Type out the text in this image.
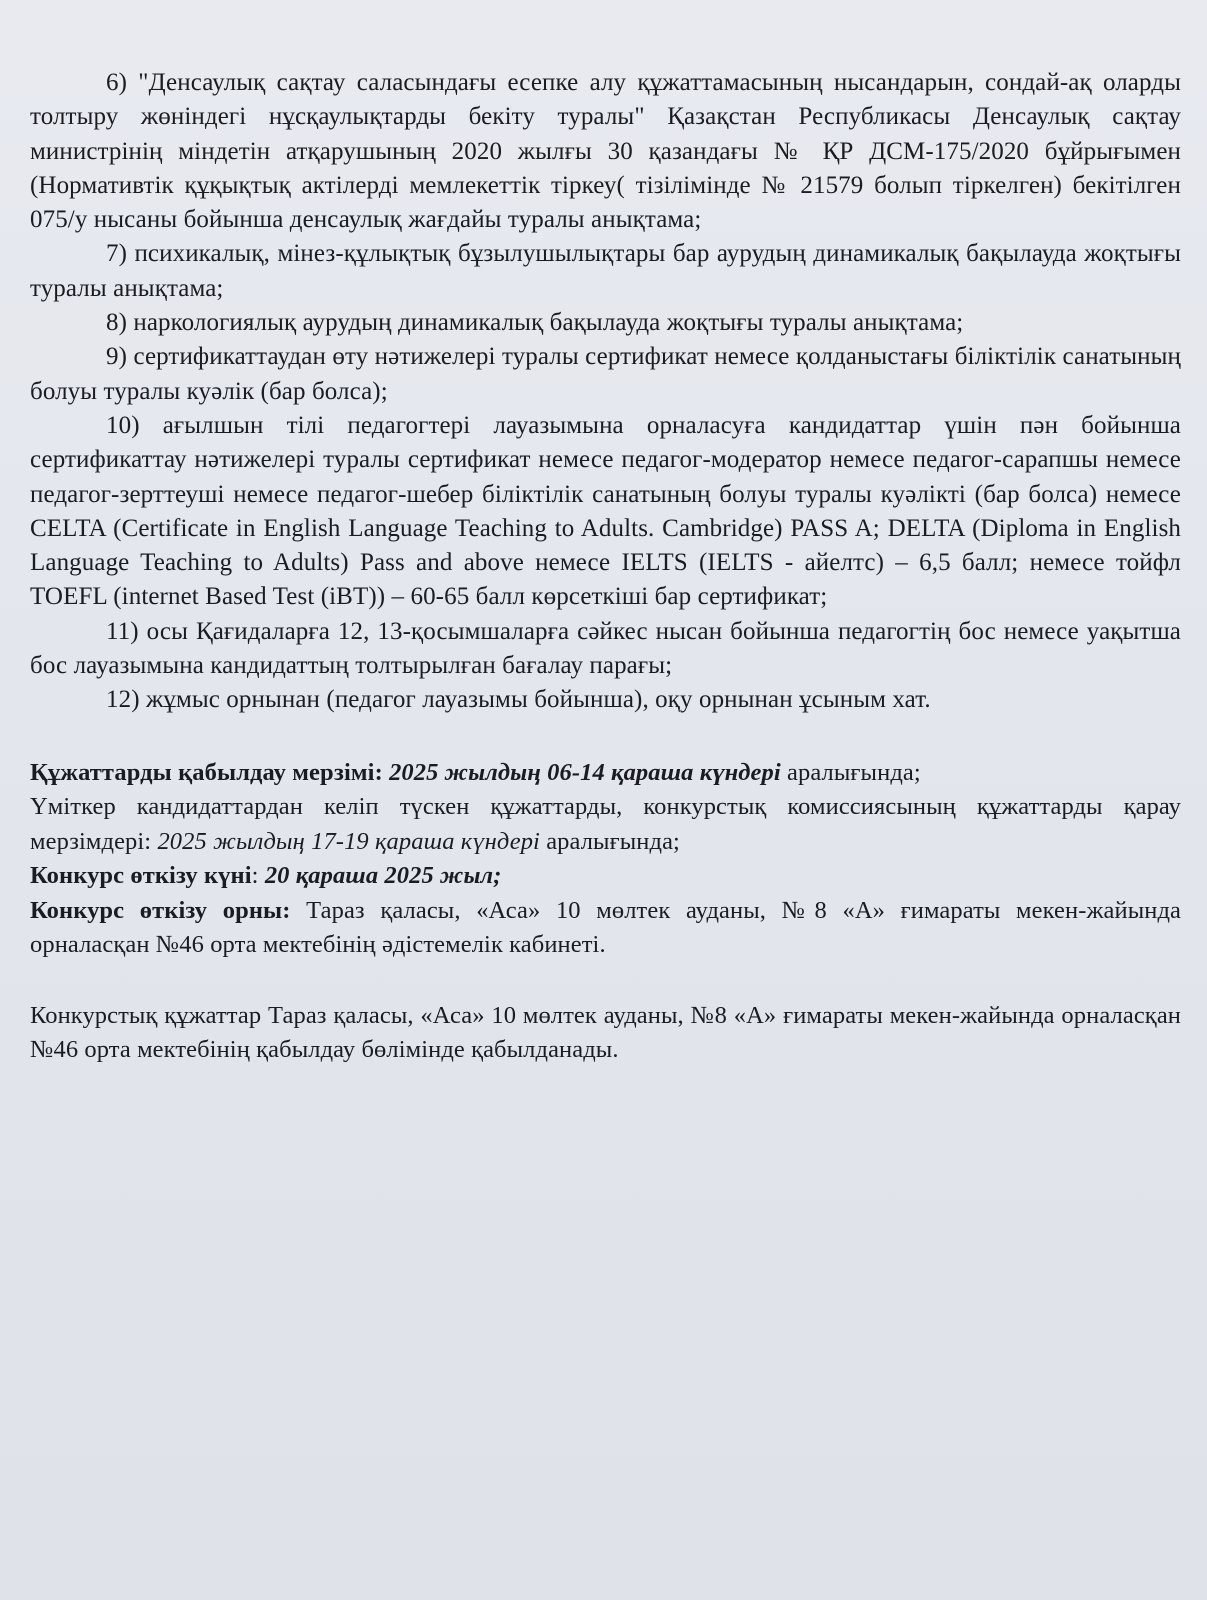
6) "Денсаулық сақтау саласындағы есепке алу құжаттамасының нысандарын, сондай-ақ оларды толтыру жөніндегі нұсқаулықтарды бекіту туралы" Қазақстан Республикасы Денсаулық сақтау министрінің міндетін атқарушының 2020 жылғы 30 қазандағы № ҚР ДСМ-175/2020 бұйрығымен (Нормативтік құқықтық актілерді мемлекеттік тіркеу( тізілімінде № 21579 болып тіркелген) бекітілген 075/у нысаны бойынша денсаулық жағдайы туралы анықтама;

7) психикалық, мінез-құлықтық бұзылушылықтары бар аурудың динамикалық бақылауда жоқтығы туралы анықтама;

8) наркологиялық аурудың динамикалық бақылауда жоқтығы туралы анықтама;

9) сертификаттаудан өту нәтижелері туралы сертификат немесе қолданыстағы біліктілік санатының болуы туралы куәлік (бар болса);

10) ағылшын тілі педагогтері лауазымына орналасуға кандидаттар үшін пән бойынша сертификаттау нәтижелері туралы сертификат немесе педагог-модератор немесе педагог-сарапшы немесе педагог-зерттеуші немесе педагог-шебер біліктілік санатының болуы туралы куәлікті (бар болса) немесе CELTA (Certificate in English Language Teaching to Adults. Cambridge) PASS A; DELTA (Diploma in English Language Teaching to Adults) Pass and above немесе IELTS (IELTS - айелтс) – 6,5 балл; немесе тойфл TOEFL (internet Based Test (iBT)) – 60-65 балл көрсеткіші бар сертификат;

11) осы Қағидаларға 12, 13-қосымшаларға сәйкес нысан бойынша педагогтің бос немесе уақытша бос лауазымына кандидаттың толтырылған бағалау парағы;

12) жұмыс орнынан (педагог лауазымы бойынша), оқу орнынан ұсыным хат.

Құжаттарды қабылдау мерзімі: 2025 жылдың 06-14 қараша күндері аралығында;

Үміткер кандидаттардан келіп түскен құжаттарды, конкурстық комиссиясының құжаттарды қарау мерзімдері: 2025 жылдың 17-19 қараша күндері аралығында;

Конкурс өткізу күні: 20 қараша 2025 жыл;

Конкурс өткізу орны: Тараз қаласы, «Аса» 10 мөлтек ауданы, №8 «А» ғимараты мекен-жайында орналасқан №46 орта мектебінің әдістемелік кабинеті.

Конкурстық құжаттар Тараз қаласы, «Аса» 10 мөлтек ауданы, №8 «А» ғимараты мекен-жайында орналасқан №46 орта мектебінің қабылдау бөлімінде қабылданады.
